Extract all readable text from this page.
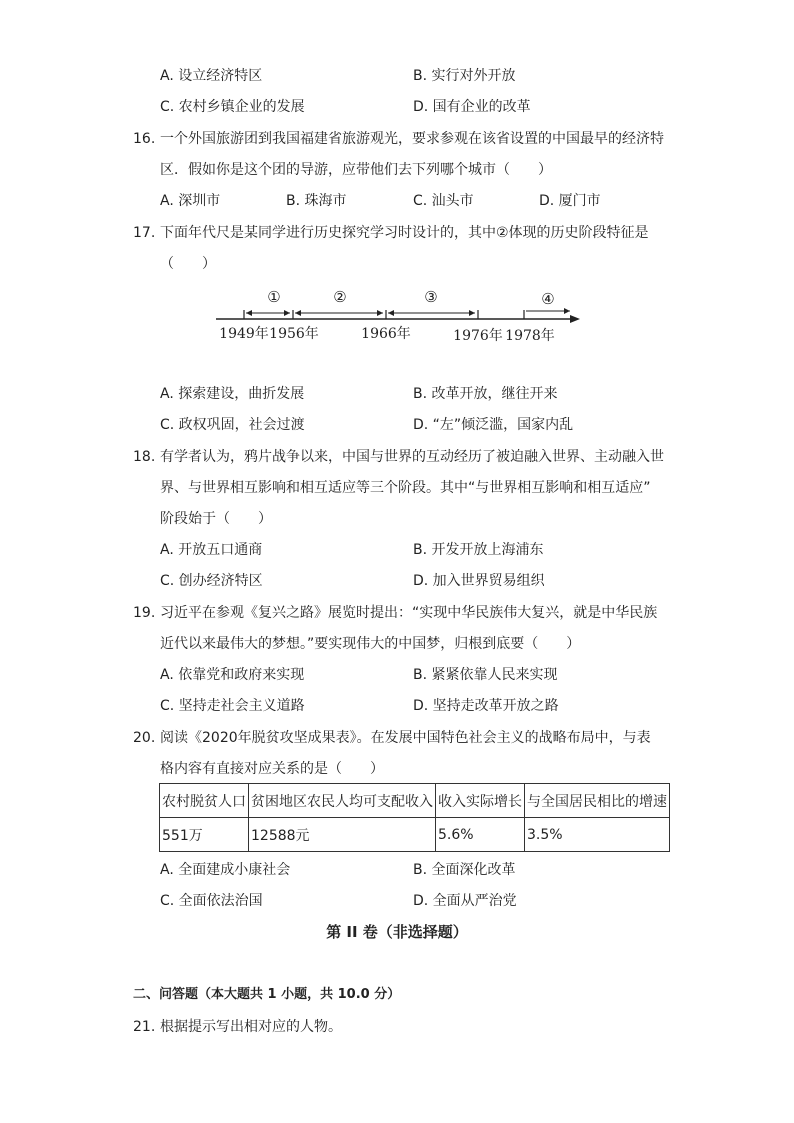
A. 设立经济特区	B. 实行对外开放
C. 农村乡镇企业的发展	D. 国有企业的改革
16. 一个外国旅游团到我国福建省旅游观光，要求参观在该省设置的中国最早的经济特
区．假如你是这个团的导游，应带他们去下列哪个城市（　　）
A. 深圳市	B. 珠海市	C. 汕头市	D. 厦门市
17. 下面年代尺是某同学进行历史探究学习时设计的，其中②体现的历史阶段特征是
（　　）
①	②	③	④
1949年 1956年	1966年	1976年 1978年
A. 探索建设，曲折发展	B. 改革开放，继往开来
C. 政权巩固，社会过渡	D. “左”倾泛滥，国家内乱
18. 有学者认为，鸦片战争以来，中国与世界的互动经历了被迫融入世界、主动融入世
界、与世界相互影响和相互适应等三个阶段。其中“与世界相互影响和相互适应”
阶段始于（　　）
A. 开放五口通商	B. 开发开放上海浦东
C. 创办经济特区	D. 加入世界贸易组织
19. 习近平在参观《复兴之路》展览时提出：“实现中华民族伟大复兴，就是中华民族
近代以来最伟大的梦想。”要实现伟大的中国梦，归根到底要（　　）
A. 依靠党和政府来实现	B. 紧紧依靠人民来实现
C. 坚持走社会主义道路	D. 坚持走改革开放之路
20. 阅读《2020年脱贫攻坚成果表》。在发展中国特色社会主义的战略布局中，与表
格内容有直接对应关系的是（　　）
农村脱贫人口	贫困地区农民人均可支配收入	收入实际增长	与全国居民相比的增速
551万	12588元	5.6%	3.5%
A. 全面建成小康社会	B. 全面深化改革
C. 全面依法治国	D. 全面从严治党
第 II 卷（非选择题）
二、问答题（本大题共 1 小题，共 10.0 分）
21. 根据提示写出相对应的人物。
